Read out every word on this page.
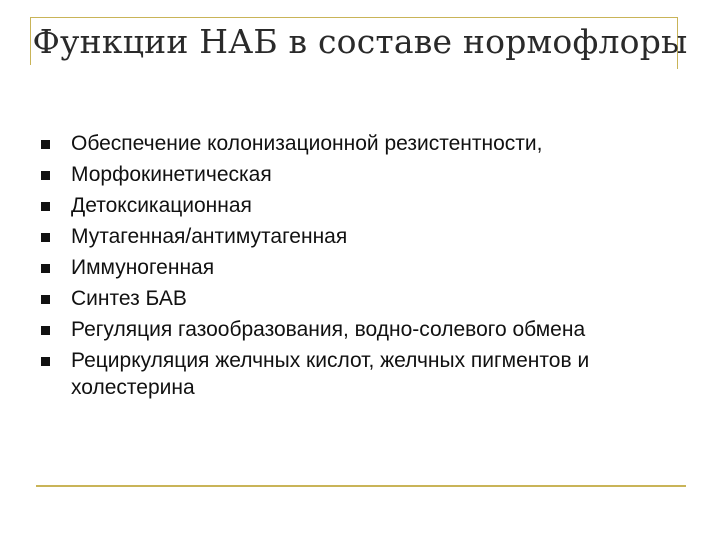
Функции НАБ в составе нормофлоры
Обеспечение колонизационной резистентности,
Морфокинетическая
Детоксикационная
Мутагенная/антимутагенная
Иммуногенная
Синтез БАВ
Регуляция газообразования, водно-солевого обмена
Рециркуляция желчных кислот, желчных пигментов и холестерина
